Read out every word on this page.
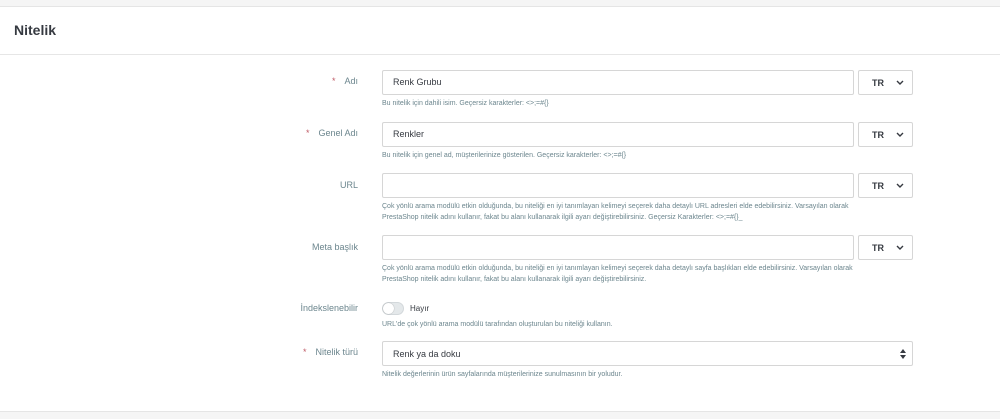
Nitelik
* Adı	Renk Grubu	TR
Bu nitelik için dahili isim. Geçersiz karakterler: <>;=#{}
* Genel Adı	Renkler	TR
Bu nitelik için genel ad, müşterilerinize gösterilen. Geçersiz karakterler: <>;=#{}
URL	TR
Çok yönlü arama modülü etkin olduğunda, bu niteliği en iyi tanımlayan kelimeyi seçerek daha detaylı URL adresleri elde edebilirsiniz. Varsayılan olarak
PrestaShop nitelik adını kullanır, fakat bu alanı kullanarak ilgili ayarı değiştirebilirsiniz. Geçersiz Karakterler: <>;=#{}_
Meta başlık	TR
Çok yönlü arama modülü etkin olduğunda, bu niteliği en iyi tanımlayan kelimeyi seçerek daha detaylı sayfa başlıkları elde edebilirsiniz. Varsayılan olarak
PrestaShop nitelik adını kullanır, fakat bu alanı kullanarak ilgili ayarı değiştirebilirsiniz.
İndekslenebilir	Hayır
URL'de çok yönlü arama modülü tarafından oluşturulan bu niteliği kullanın.
* Nitelik türü	Renk ya da doku
Nitelik değerlerinin ürün sayfalarında müşterilerinize sunulmasının bir yoludur.
